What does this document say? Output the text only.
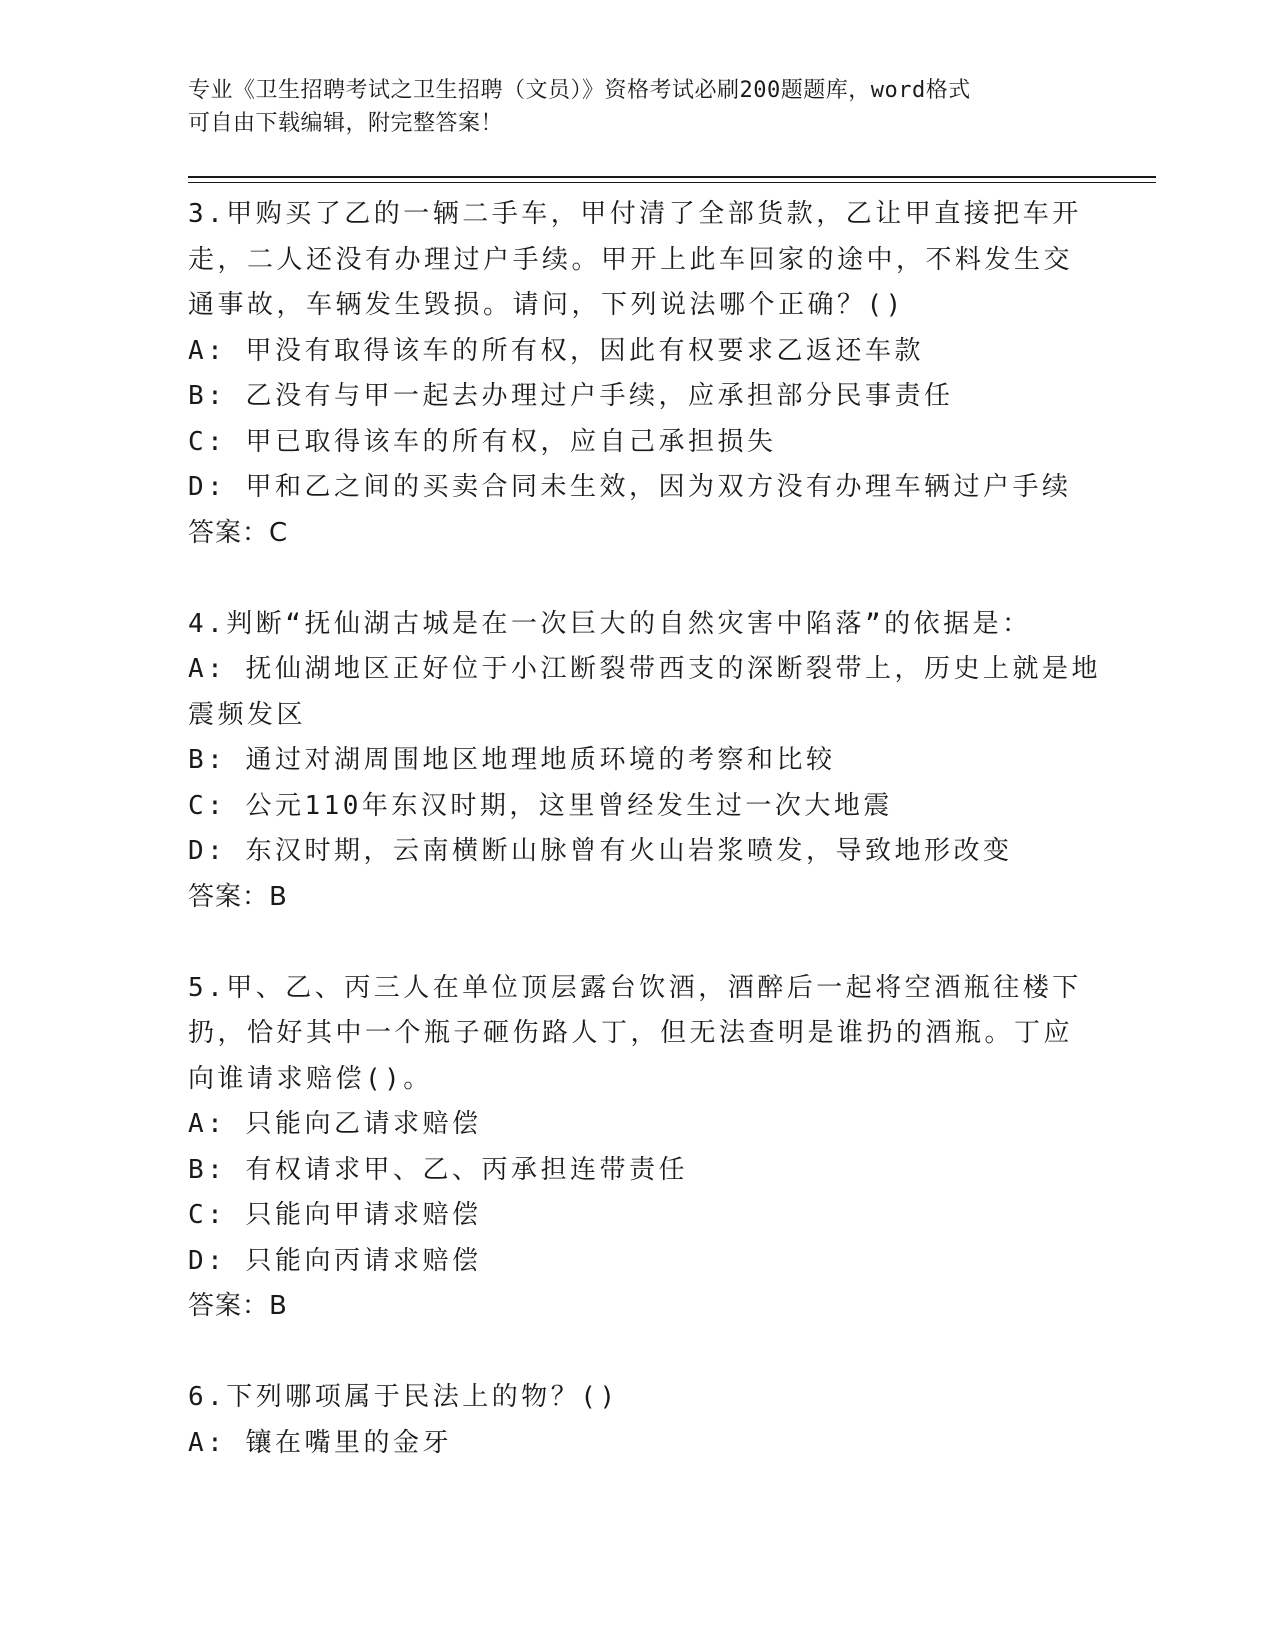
专业《卫生招聘考试之卫生招聘（文员）》资格考试必刷200题题库，word格式
可自由下载编辑，附完整答案！
3.甲购买了乙的一辆二手车，甲付清了全部货款，乙让甲直接把车开
走，二人还没有办理过户手续。甲开上此车回家的途中，不料发生交
通事故，车辆发生毁损。请问，下列说法哪个正确？()
A: 甲没有取得该车的所有权，因此有权要求乙返还车款
B: 乙没有与甲一起去办理过户手续，应承担部分民事责任
C: 甲已取得该车的所有权，应自己承担损失
D: 甲和乙之间的买卖合同未生效，因为双方没有办理车辆过户手续
答案：C
4.判断“抚仙湖古城是在一次巨大的自然灾害中陷落”的依据是：
A: 抚仙湖地区正好位于小江断裂带西支的深断裂带上，历史上就是地
震频发区
B: 通过对湖周围地区地理地质环境的考察和比较
C: 公元110年东汉时期，这里曾经发生过一次大地震
D: 东汉时期，云南横断山脉曾有火山岩浆喷发，导致地形改变
答案：B
5.甲、乙、丙三人在单位顶层露台饮酒，酒醉后一起将空酒瓶往楼下
扔，恰好其中一个瓶子砸伤路人丁，但无法查明是谁扔的酒瓶。丁应
向谁请求赔偿()。
A: 只能向乙请求赔偿
B: 有权请求甲、乙、丙承担连带责任
C: 只能向甲请求赔偿
D: 只能向丙请求赔偿
答案：B
6.下列哪项属于民法上的物？()
A: 镶在嘴里的金牙
